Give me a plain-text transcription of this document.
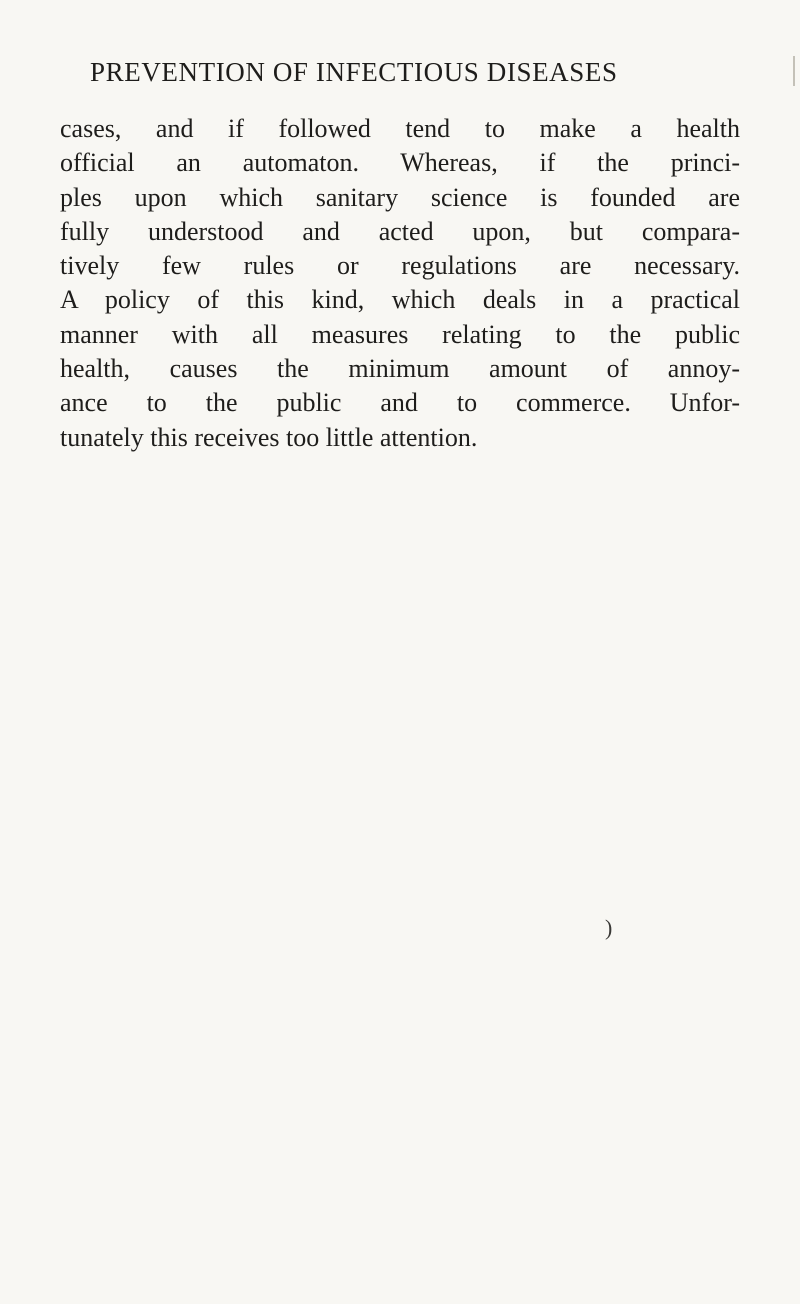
PREVENTION OF INFECTIOUS DISEASES
cases, and if followed tend to make a health
official an automaton. Whereas, if the princi-
ples upon which sanitary science is founded are
fully understood and acted upon, but compara-
tively few rules or regulations are necessary.
A policy of this kind, which deals in a practical
manner with all measures relating to the public
health, causes the minimum amount of annoy-
ance to the public and to commerce. Unfor-
tunately this receives too little attention.
)
